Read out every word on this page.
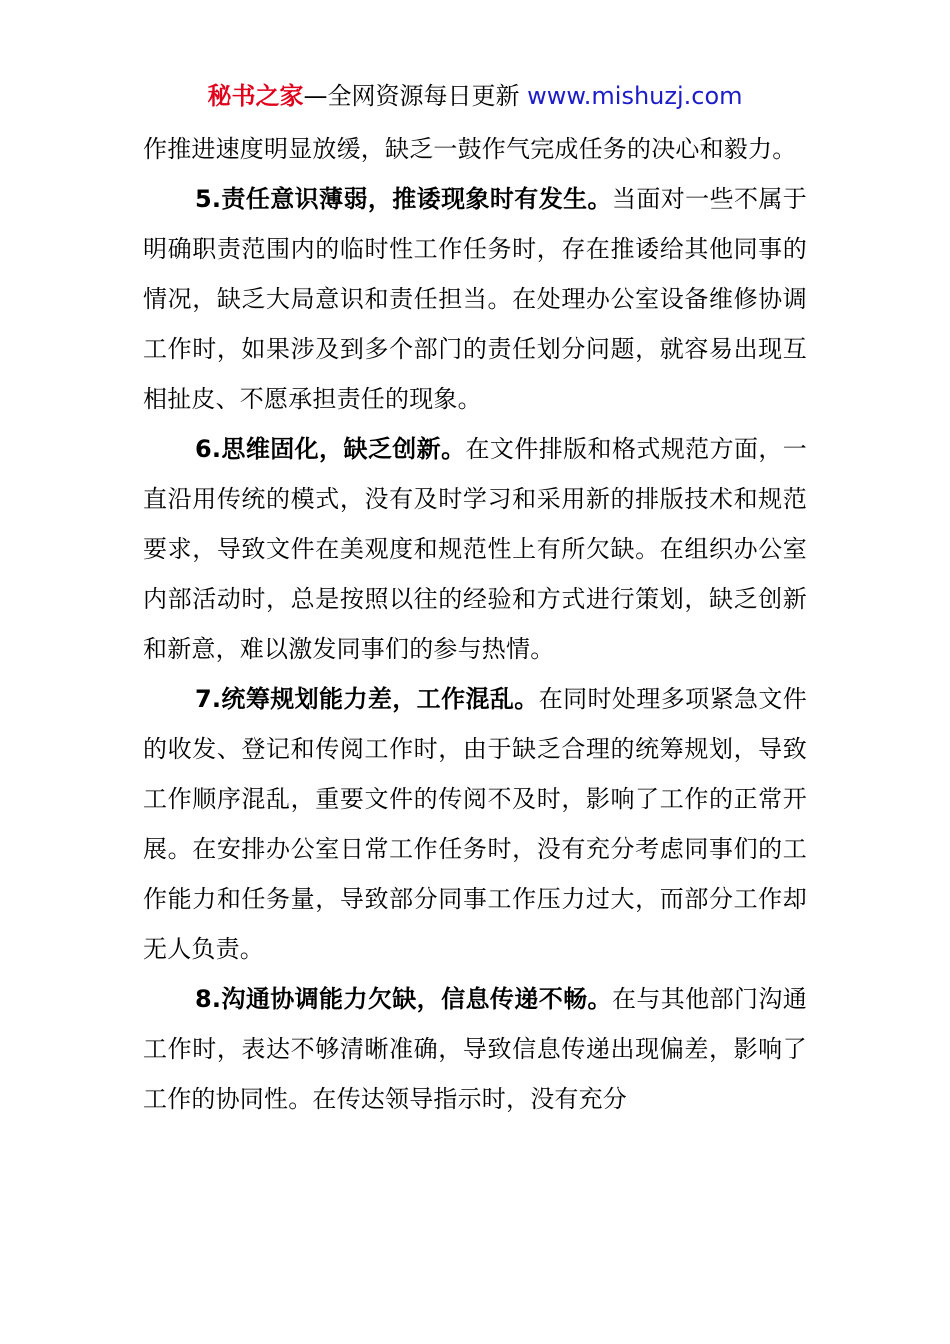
秘书之家—全网资源每日更新 www.mishuzj.com

作推进速度明显放缓，缺乏一鼓作气完成任务的决心和毅力。

5.责任意识薄弱，推诿现象时有发生。当面对一些不属于明确职责范围内的临时性工作任务时，存在推诿给其他同事的情况，缺乏大局意识和责任担当。在处理办公室设备维修协调工作时，如果涉及到多个部门的责任划分问题，就容易出现互相扯皮、不愿承担责任的现象。

6.思维固化，缺乏创新。在文件排版和格式规范方面，一直沿用传统的模式，没有及时学习和采用新的排版技术和规范要求，导致文件在美观度和规范性上有所欠缺。在组织办公室内部活动时，总是按照以往的经验和方式进行策划，缺乏创新和新意，难以激发同事们的参与热情。

7.统筹规划能力差，工作混乱。在同时处理多项紧急文件的收发、登记和传阅工作时，由于缺乏合理的统筹规划，导致工作顺序混乱，重要文件的传阅不及时，影响了工作的正常开展。在安排办公室日常工作任务时，没有充分考虑同事们的工作能力和任务量，导致部分同事工作压力过大，而部分工作却无人负责。

8.沟通协调能力欠缺，信息传递不畅。在与其他部门沟通工作时，表达不够清晰准确，导致信息传递出现偏差，影响了工作的协同性。在传达领导指示时，没有充分
